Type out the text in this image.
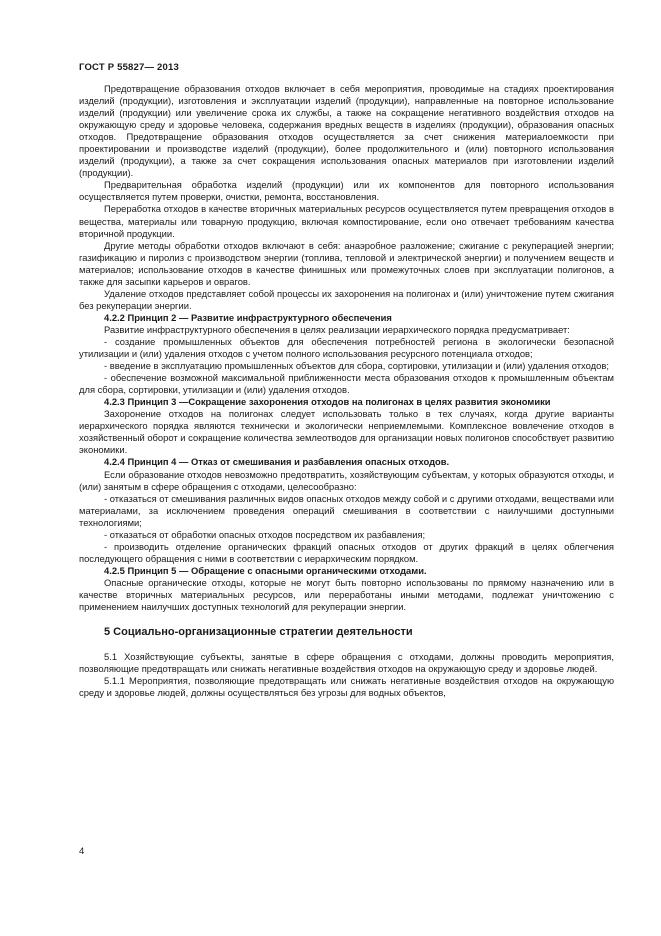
ГОСТ Р 55827— 2013

Предотвращение образования отходов включает в себя мероприятия, проводимые на стадиях проектирования изделий (продукции), изготовления и эксплуатации изделий (продукции), направленные на повторное использование изделий (продукции) или увеличение срока их службы, а также на сокращение негативного воздействия отходов на окружающую среду и здоровье человека, содержания вредных веществ в изделиях (продукции), образования опасных отходов. Предотвращение образования отходов осуществляется за счет снижения материалоемкости при проектировании и производстве изделий (продукции), более продолжительного и (или) повторного использования изделий (продукции), а также за счет сокращения использования опасных материалов при изготовлении изделий (продукции).

Предварительная обработка изделий (продукции) или их компонентов для повторного использования осуществляется путем проверки, очистки, ремонта, восстановления.

Переработка отходов в качестве вторичных материальных ресурсов осуществляется путем превращения отходов в вещества, материалы или товарную продукцию, включая компостирование, если оно отвечает требованиям качества вторичной продукции.

Другие методы обработки отходов включают в себя: анаэробное разложение; сжигание с рекуперацией энергии; газификацию и пиролиз с производством энергии (топлива, тепловой и электрической энергии) и получением веществ и материалов; использование отходов в качестве финишных или промежуточных слоев при эксплуатации полигонов, а также для засыпки карьеров и оврагов.

Удаление отходов представляет собой процессы их захоронения на полигонах и (или) уничтожение путем сжигания без рекуперации энергии.

4.2.2 Принцип 2 — Развитие инфраструктурного обеспечения

Развитие инфраструктурного обеспечения в целях реализации иерархического порядка предусматривает:

- создание промышленных объектов для обеспечения потребностей региона в экологически безопасной утилизации и (или) удаления отходов с учетом полного использования ресурсного потенциала отходов;

- введение в эксплуатацию промышленных объектов для сбора, сортировки, утилизации и (или) удаления отходов;

- обеспечение возможной максимальной приближенности места образования отходов к промышленным объектам для сбора, сортировки, утилизации и (или) удаления отходов.

4.2.3 Принцип 3 —Сокращение захоронения отходов на полигонах в целях развития экономики

Захоронение отходов на полигонах следует использовать только в тех случаях, когда другие варианты иерархического порядка являются технически и экологически неприемлемыми. Комплексное вовлечение отходов в хозяйственный оборот и сокращение количества землеотводов для организации новых полигонов способствует развитию экономики.

4.2.4 Принцип 4 — Отказ от смешивания и разбавления опасных отходов.

Если образование отходов невозможно предотвратить, хозяйствующим субъектам, у которых образуются отходы, и (или) занятым в сфере обращения с отходами, целесообразно:

- отказаться от смешивания различных видов опасных отходов между собой и с другими отходами, веществами или материалами, за исключением проведения операций смешивания в соответствии с наилучшими доступными технологиями;

- отказаться от обработки опасных отходов посредством их разбавления;

- производить отделение органических фракций опасных отходов от других фракций в целях облегчения последующего обращения с ними в соответствии с иерархическим порядком.

4.2.5 Принцип 5 — Обращение с опасными органическими отходами.

Опасные органические отходы, которые не могут быть повторно использованы по прямому назначению или в качестве вторичных материальных ресурсов, или переработаны иными методами, подлежат уничтожению с применением наилучших доступных технологий для рекуперации энергии.

5 Социально-организационные стратегии деятельности

5.1 Хозяйствующие субъекты, занятые в сфере обращения с отходами, должны проводить мероприятия, позволяющие предотвращать или снижать негативные воздействия отходов на окружающую среду и здоровье людей.

5.1.1 Мероприятия, позволяющие предотвращать или снижать негативные воздействия отходов на окружающую среду и здоровье людей, должны осуществляться без угрозы для водных объектов,

4
